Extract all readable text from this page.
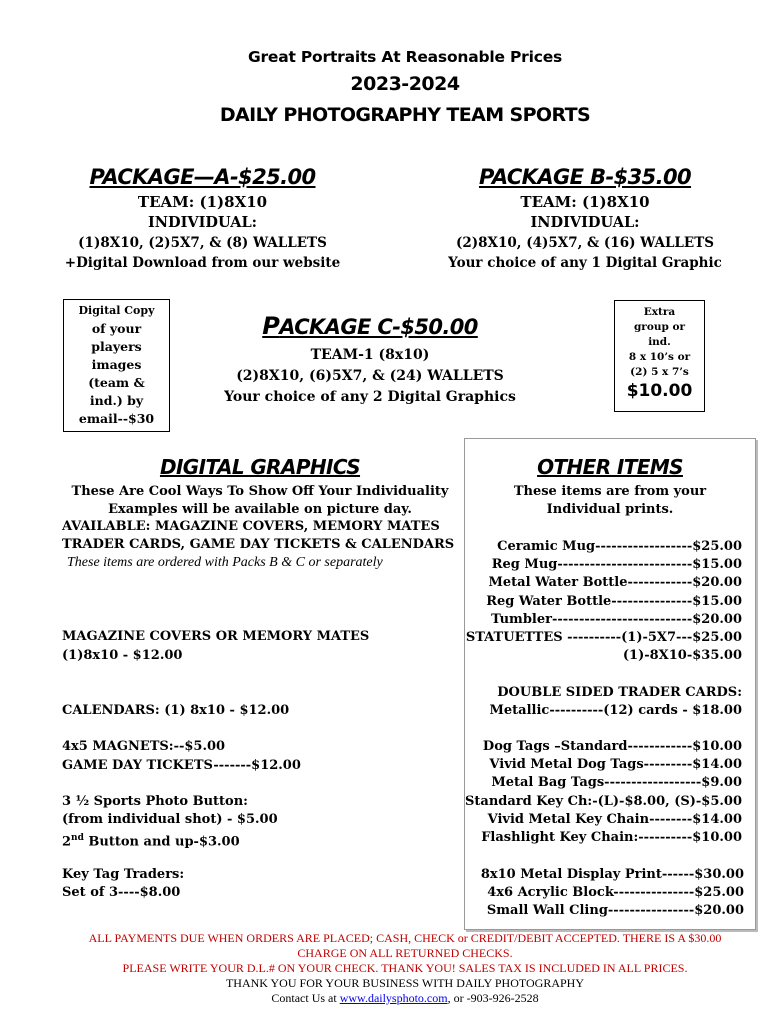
Great Portraits At Reasonable Prices
2023-2024
DAILY PHOTOGRAPHY TEAM SPORTS
PACKAGE—A-$25.00
TEAM: (1)8X10
INDIVIDUAL:
(1)8X10, (2)5X7, & (8) WALLETS
+Digital Download from our website
PACKAGE B-$35.00
TEAM: (1)8X10
INDIVIDUAL:
(2)8X10, (4)5X7, & (16) WALLETS
Your choice of any 1 Digital Graphic
Digital Copy
of your
players
images
(team &
ind.) by
email--$30
PACKAGE C-$50.00
TEAM-1 (8x10)
(2)8X10, (6)5X7, & (24) WALLETS
Your choice of any 2 Digital Graphics
Extra
group or
ind.
8 x 10’s or
(2) 5 x 7’s
$10.00
DIGITAL GRAPHICS
These Are Cool Ways To Show Off Your Individuality
Examples will be available on picture day.
AVAILABLE: MAGAZINE COVERS, MEMORY MATES
TRADER CARDS, GAME DAY TICKETS & CALENDARS
These items are ordered with Packs B & C or separately
MAGAZINE COVERS OR MEMORY MATES
(1)8x10 - $12.00
CALENDARS: (1) 8x10 - $12.00
4x5 MAGNETS:--$5.00
GAME DAY TICKETS-------$12.00
3 ½ Sports Photo Button:
(from individual shot) - $5.00
2nd Button and up-$3.00
Key Tag Traders:
Set of 3----$8.00
OTHER ITEMS
These items are from your
Individual prints.
Ceramic Mug------------------$25.00
Reg Mug-------------------------$15.00
Metal Water Bottle------------$20.00
Reg Water Bottle---------------$15.00
Tumbler--------------------------$20.00
STATUETTES ----------(1)-5X7---$25.00
(1)-8X10-$35.00
DOUBLE SIDED TRADER CARDS:
Metallic----------(12) cards - $18.00
Dog Tags –Standard------------$10.00
Vivid Metal Dog Tags---------$14.00
Metal Bag Tags------------------$9.00
Standard Key Ch:-(L)-$8.00, (S)-$5.00
Vivid Metal Key Chain--------$14.00
Flashlight Key Chain:----------$10.00
8x10 Metal Display Print------$30.00
4x6 Acrylic Block---------------$25.00
Small Wall Cling----------------$20.00
ALL PAYMENTS DUE WHEN ORDERS ARE PLACED; CASH, CHECK or CREDIT/DEBIT ACCEPTED. THERE IS A $30.00
CHARGE ON ALL RETURNED CHECKS.
PLEASE WRITE YOUR D.L.# ON YOUR CHECK. THANK YOU! SALES TAX IS INCLUDED IN ALL PRICES.
THANK YOU FOR YOUR BUSINESS WITH DAILY PHOTOGRAPHY
Contact Us at www.dailysphoto.com, or -903-926-2528
